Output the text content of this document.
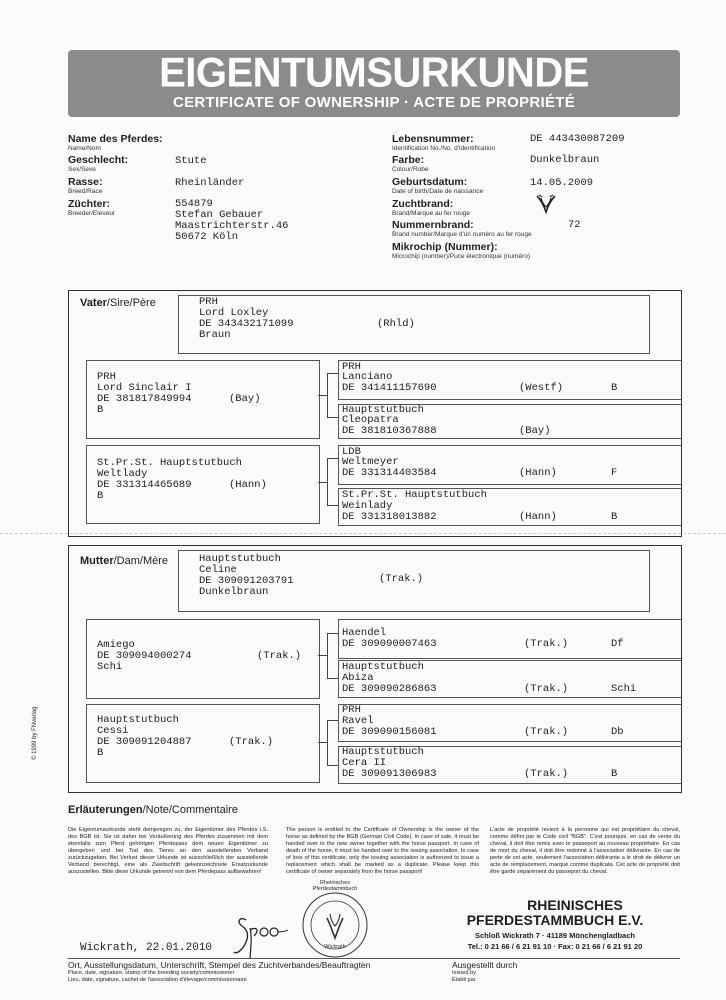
EIGENTUMSURKUNDE
CERTIFICATE OF OWNERSHIP · ACTE DE PROPRIÉTÉ
Name des Pferdes:
Name/Nom
Geschlecht:
Sex/Sexe
Stute
Rasse:
Breed/Race
Rheinländer
Züchter:
Breeder/Eleveur
554879
Stefan Gebauer
Maastrichterstr.46
50672 Köln
Lebensnummer:
Identification No./No. d'identification
DE 443430087209
Farbe:
Colour/Robe
Dunkelbraun
Geburtsdatum:
Date of birth/Date de naissance
14.05.2009
Zuchtbrand:
Brand/Marque au fer rouge
Nummernbrand:
Brand number/Marque d'un numéro au fer rouge
72
Mikrochip (Nummer):
Microchip (number)/Puce électronique (numéro)
Vater/Sire/Père	PRH
Lord Loxley
DE 343432171099	(Rhld)
Braun
PRH
Lord Sinclair I
DE 381817849994	(Bay)
B
St.Pr.St. Hauptstutbuch
Weltlady
DE 331314465689	(Hann)
B
PRH
Lanciano
DE 341411157690	(Westf)	B
Hauptstutbuch
Cleopatra
DE 381810367888	(Bay)
LDB
Weltmeyer
DE 331314403584	(Hann)	F
St.Pr.St. Hauptstutbuch
Weinlady
DE 331318013882	(Hann)	B
Mutter/Dam/Mère	Hauptstutbuch
Celine
DE 309091203791	(Trak.)
Dunkelbraun
Amiego
DE 309094000274	(Trak.)
Schi
Hauptstutbuch
Cessi
DE 309091204887	(Trak.)
B
Haendel
DE 309090007463	(Trak.)	Df
Hauptstutbuch
Abiza
DE 309090286863	(Trak.)	Schi
PRH
Ravel
DE 309090156081	(Trak.)	Db
Hauptstutbuch
Cera II
DE 309091306983	(Trak.)	B
© 1999 by FNverlag
Erläuterungen/Note/Commentaire
Die Eigentumsurkunde steht demjenigen zu, der Eigentümer des Pferdes i.S. des BGB ist. Sie ist daher bei Veräußerung des Pferdes zusammen mit dem ebenfalls zum Pferd gehörigen Pferdepass dem neuen Eigentümer zu übergeben und bei Tod des Tieres an den ausstellenden Verband zurückzugeben. Bei Verlust dieser Urkunde ist ausschließlich der ausstellende Verband berechtigt, eine als Zweitschrift gekennzeichnete Ersatzurkunde auszustellen. Bitte diese Urkunde getrennt von dem Pferdepass aufbewahren!
The person is entitled to the Certificate of Ownership is the owner of the horse as defined by the BGB (German Civil Code). In case of sale, it must be handed over to the new owner together with the horse passport. In case of death of the horse, it must be handed over to the issuing association. In case of loss of this certificate, only the issuing association is authorized to issue a replacement which shall be marked as a duplicate. Please keep this certificate of owner separately from the horse passport!
L'acte de propriété revient à la personne qui est propriétaire du cheval, comme défini par le Code civil "BGB". C'est pourquoi, en cas de vente du cheval, il doit être remis avec le passeport au nouveau propriétaire. En cas de mort du cheval, il doit être redonné à l'association délivrante. En cas de perte de cet acte, seulement l'association délivrante a le droit de délivrer un acte de remplacement, marqué comme duplicata. Cet acte de propriété doit être gardé séparément du passeport du cheval.
Wickrath, 22.01.2010
Rheinisches Pferdestammbuch
Wickrath
RHEINISCHES
PFERDESTAMMBUCH E.V.
Schloß Wickrath 7 · 41189 Mönchengladbach
Tel.: 0 21 66 / 6 21 91 10 · Fax: 0 21 66 / 6 21 91 20
Ort, Ausstellungsdatum, Unterschrift, Stempel des Zuchtverbandes/Beauftragten
Place, date, signature, stamp of the breeding society/commissioner
Lieu, date, signature, cachet de l'association d'élevage/commissionnaire
Ausgestellt durch
Issued by
Établi par
